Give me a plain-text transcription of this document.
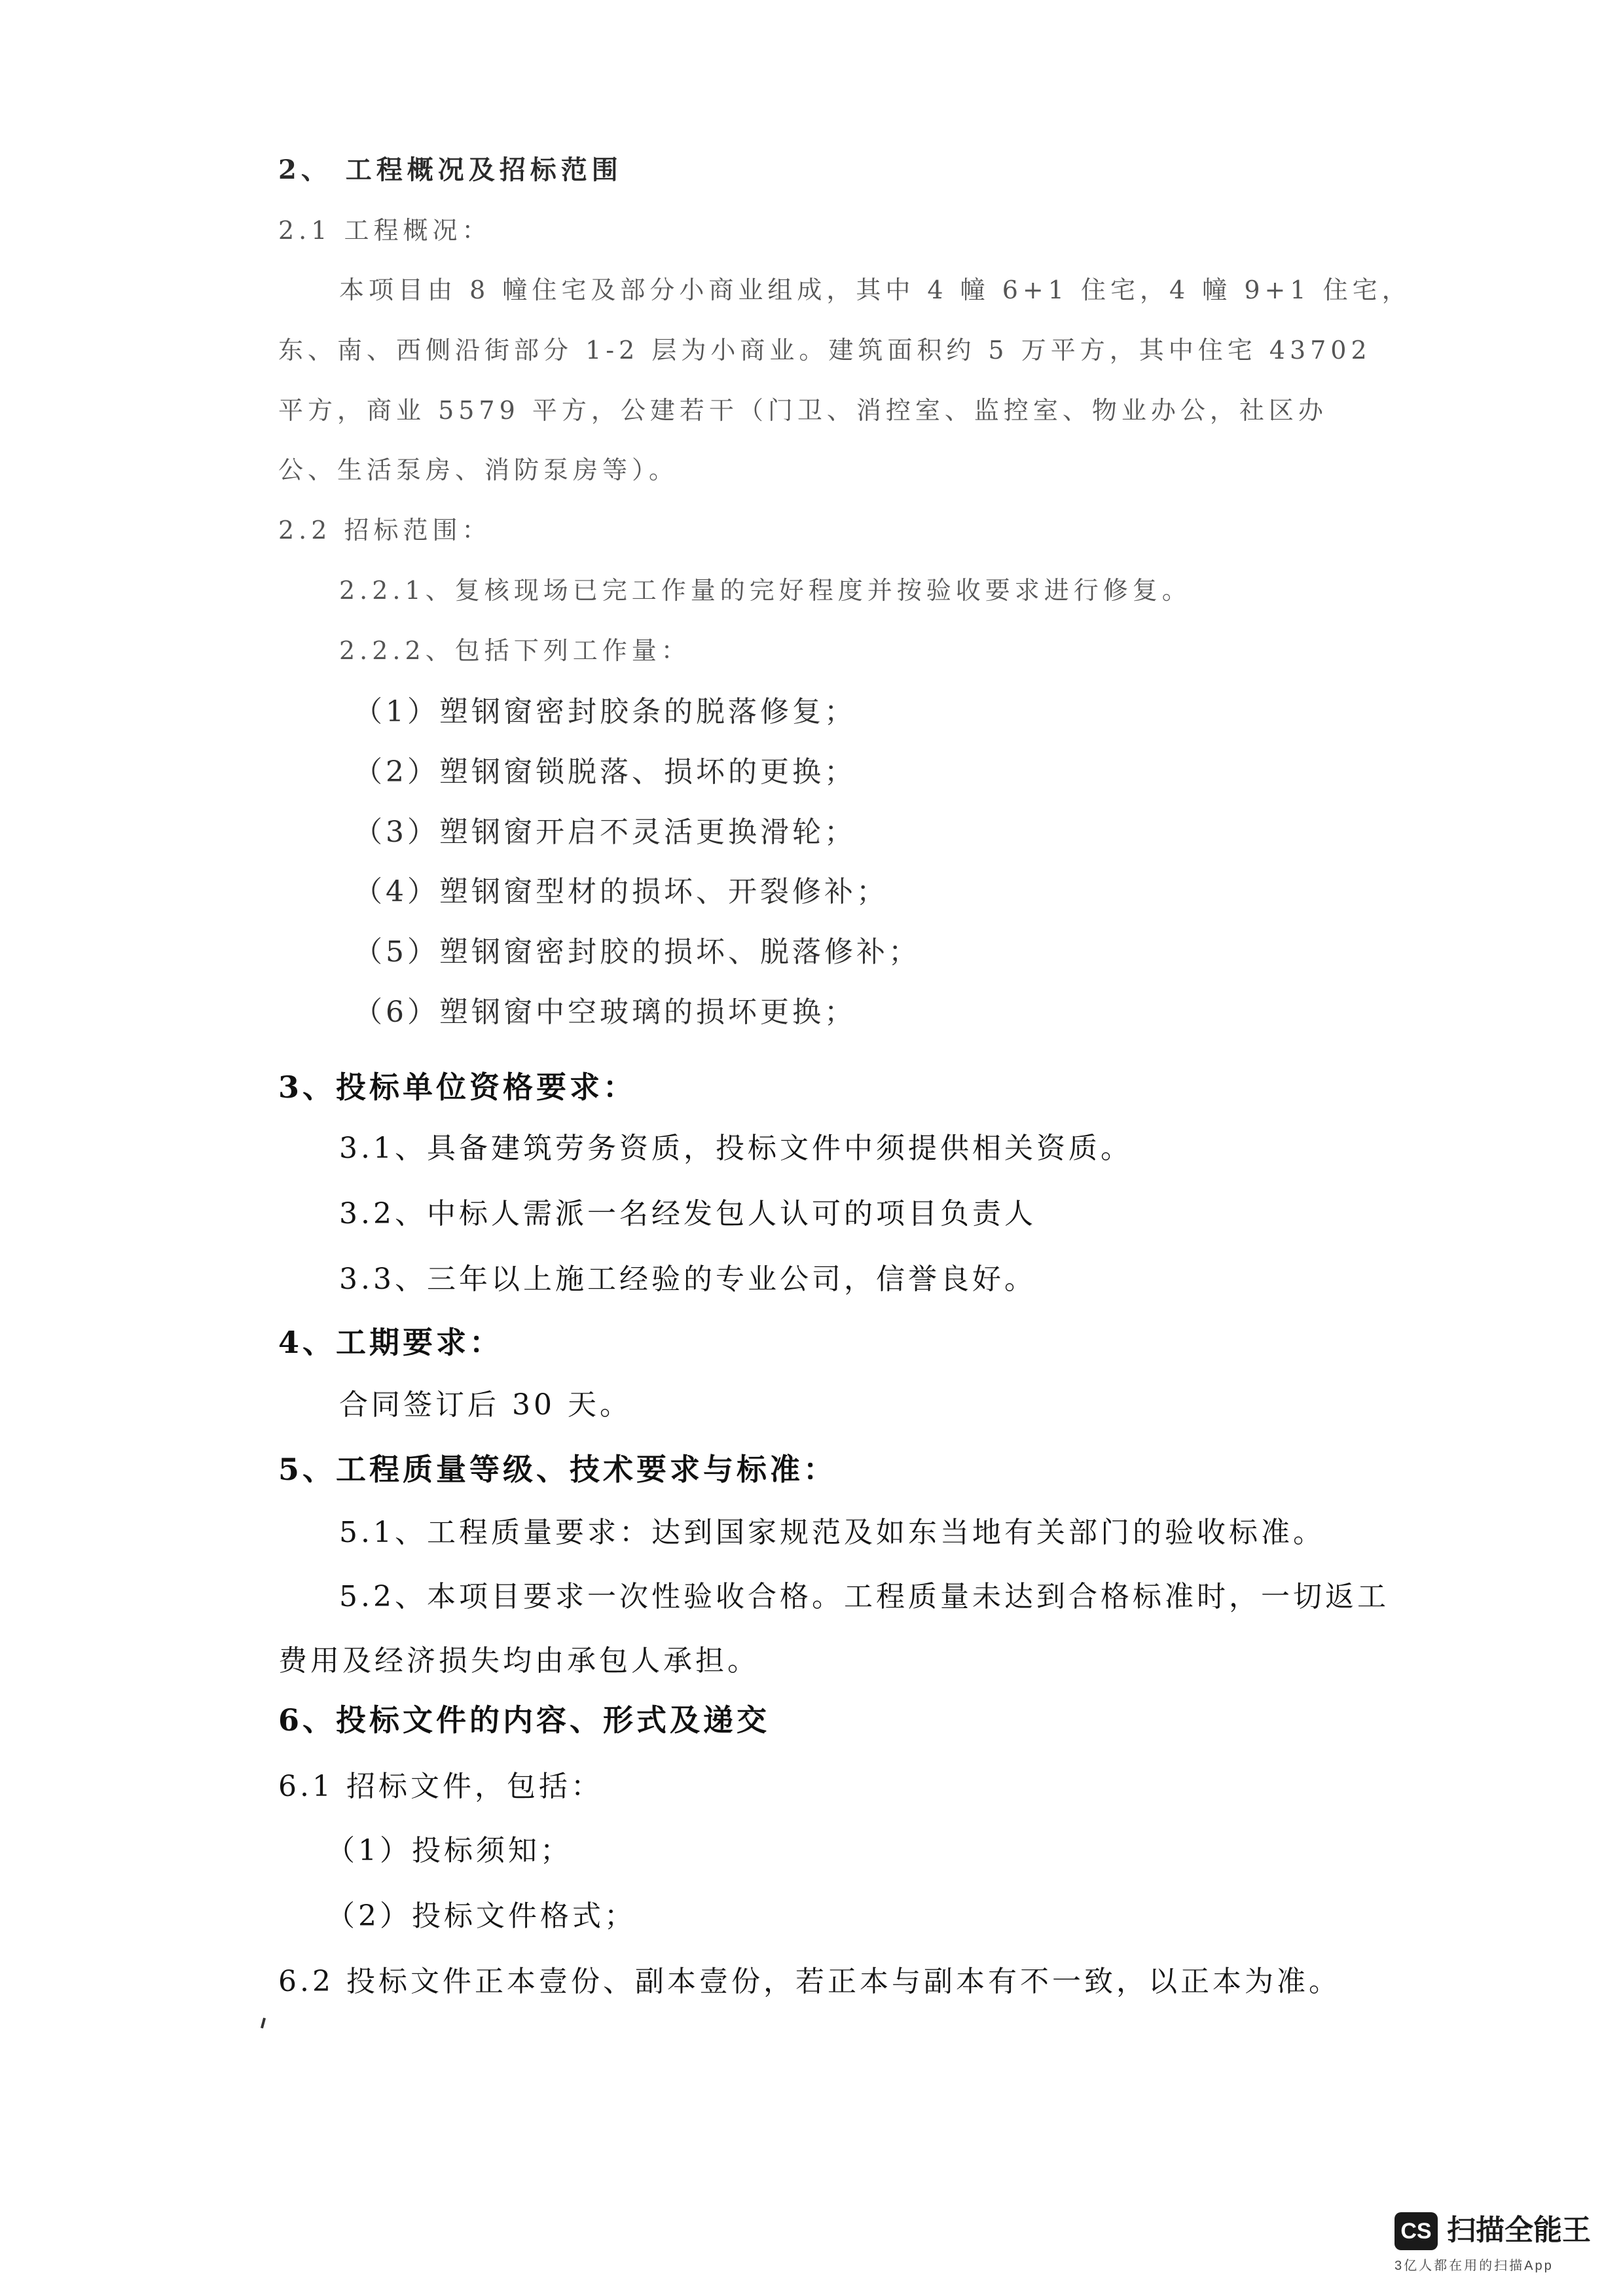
2、 工程概况及招标范围
2.1 工程概况：
本项目由 8 幢住宅及部分小商业组成，其中 4 幢 6+1 住宅，4 幢 9+1 住宅，
东、南、西侧沿街部分 1-2 层为小商业。建筑面积约 5 万平方，其中住宅 43702
平方，商业 5579 平方，公建若干（门卫、消控室、监控室、物业办公，社区办
公、生活泵房、消防泵房等）。
2.2 招标范围：
2.2.1、复核现场已完工作量的完好程度并按验收要求进行修复。
2.2.2、包括下列工作量：
（1）塑钢窗密封胶条的脱落修复；
（2）塑钢窗锁脱落、损坏的更换；
（3）塑钢窗开启不灵活更换滑轮；
（4）塑钢窗型材的损坏、开裂修补；
（5）塑钢窗密封胶的损坏、脱落修补；
（6）塑钢窗中空玻璃的损坏更换；
3、投标单位资格要求：
3.1、具备建筑劳务资质，投标文件中须提供相关资质。
3.2、中标人需派一名经发包人认可的项目负责人
3.3、三年以上施工经验的专业公司，信誉良好。
4、工期要求：
合同签订后 30 天。
5、工程质量等级、技术要求与标准：
5.1、工程质量要求：达到国家规范及如东当地有关部门的验收标准。
5.2、本项目要求一次性验收合格。工程质量未达到合格标准时，一切返工
费用及经济损失均由承包人承担。
6、投标文件的内容、形式及递交
6.1 招标文件，包括：
（1）投标须知；
（2）投标文件格式；
6.2 投标文件正本壹份、副本壹份，若正本与副本有不一致，以正本为准。
CS 扫描全能王
3亿人都在用的扫描App
